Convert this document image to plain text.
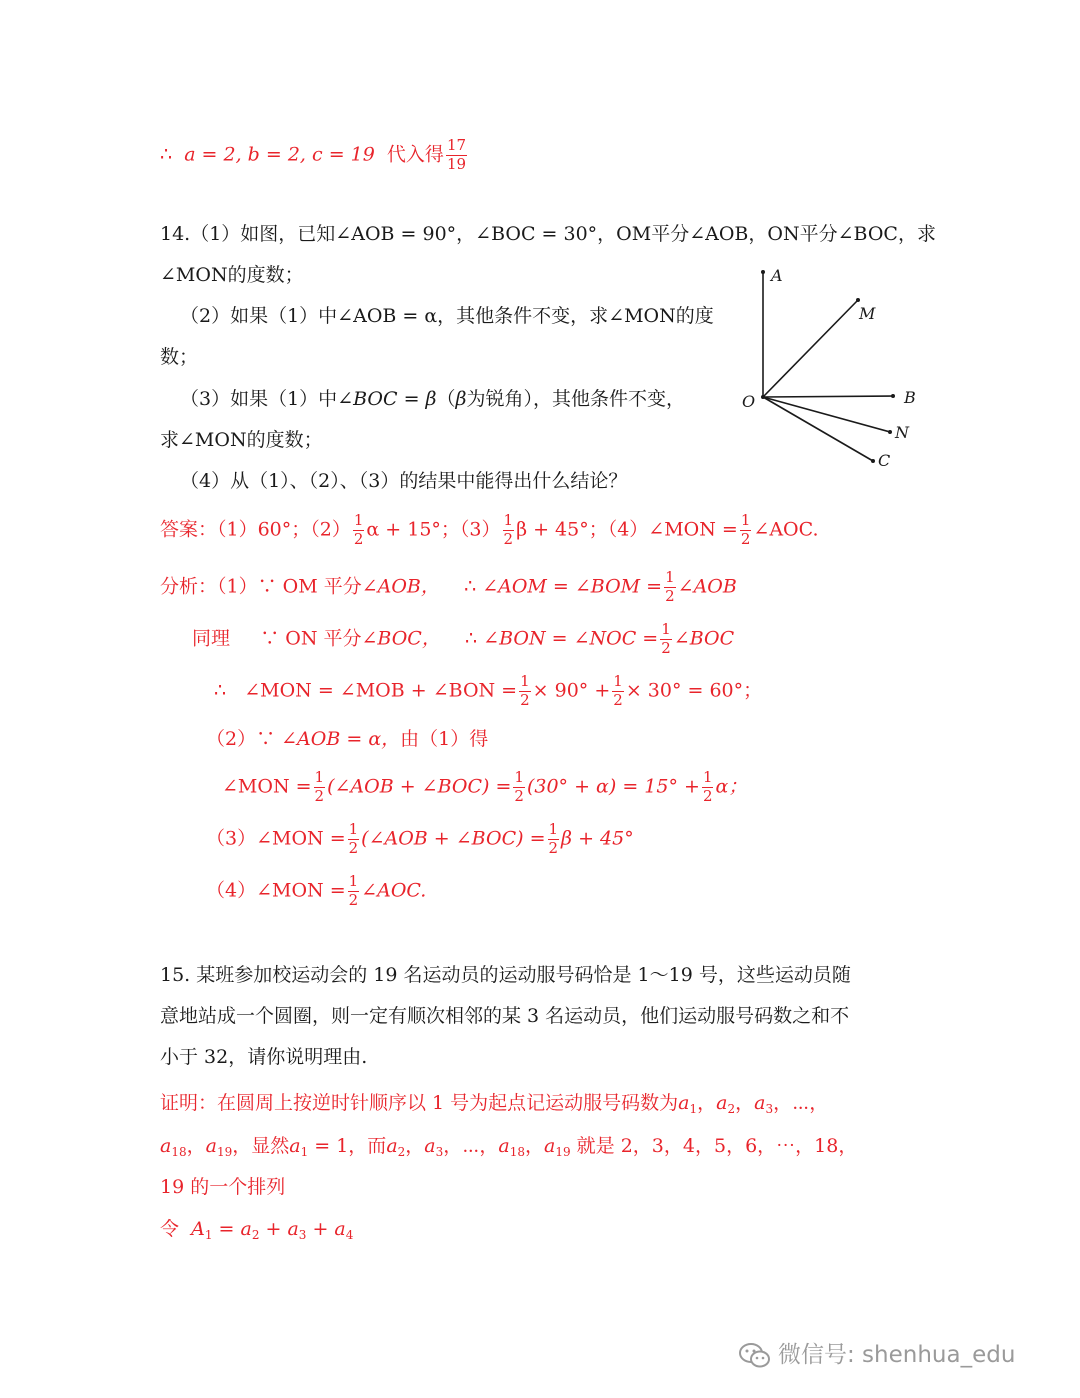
∴ a = 2, b = 2, c = 19 代入得 $\frac{17}{19}$
14.（1）如图，已知∠AOB = 90°，∠BOC = 30°，OM平分∠AOB，ON平分∠BOC，求
∠MON的度数；
（2）如果（1）中∠AOB = α，其他条件不变，求∠MON的度
数；
（3）如果（1）中∠BOC = β（β为锐角），其他条件不变，
求∠MON的度数；
（4）从（1）、（2）、（3）的结果中能得出什么结论？
A
M
O	B
N
C
答案：（1）60°；$(2) \frac{1}{2}$ α + 15°；$(3) \frac{1}{2}$ β + 45°；（4）∠MON = $\frac{1}{2}$ ∠AOC.
分析：（1）∵ OM 平分∠AOB， ∴ ∠AOM = ∠BOM = $\frac{1}{2}$ ∠AOB
同理 ∵ ON 平分∠BOC， ∴ ∠BON = ∠NOC = $\frac{1}{2}$ ∠BOC
∴ ∠MON = ∠MOB + ∠BON = $\frac{1}{2} \times 90^\circ + \frac{1}{2} \times 30^\circ = 60^\circ$；
（2）∵ ∠AOB = α，由（1）得
∠MON = $\frac{1}{2}$ (∠AOB + ∠BOC) = $\frac{1}{2} (30^\circ + \alpha) = 15^\circ + \frac{1}{2}$ α；
（3）∠MON = $\frac{1}{2}$ (∠AOB + ∠BOC) = $\frac{1}{2}$ β + 45°
（4）∠MON = $\frac{1}{2}$ ∠AOC.
15. 某班参加校运动会的 19 名运动员的运动服号码恰是 1～19 号，这些运动员随
意地站成一个圆圈，则一定有顺次相邻的某 3 名运动员，他们运动服号码数之和不
小于 32，请你说明理由.
证明：在圆周上按逆时针顺序以 1 号为起点记运动服号码数为$a_1$，$a_2$，$a_3$，⋯，
$a_{18}$，$a_{19}$，显然$a_1 = 1$，而$a_2$，$a_3$，⋯，$a_{18}$，$a_{19}$ 就是 2，3，4，5，6，⋯，18，
19 的一个排列
令 $A_1 = a_2 + a_3 + a_4$
微信号: shenhua_edu
